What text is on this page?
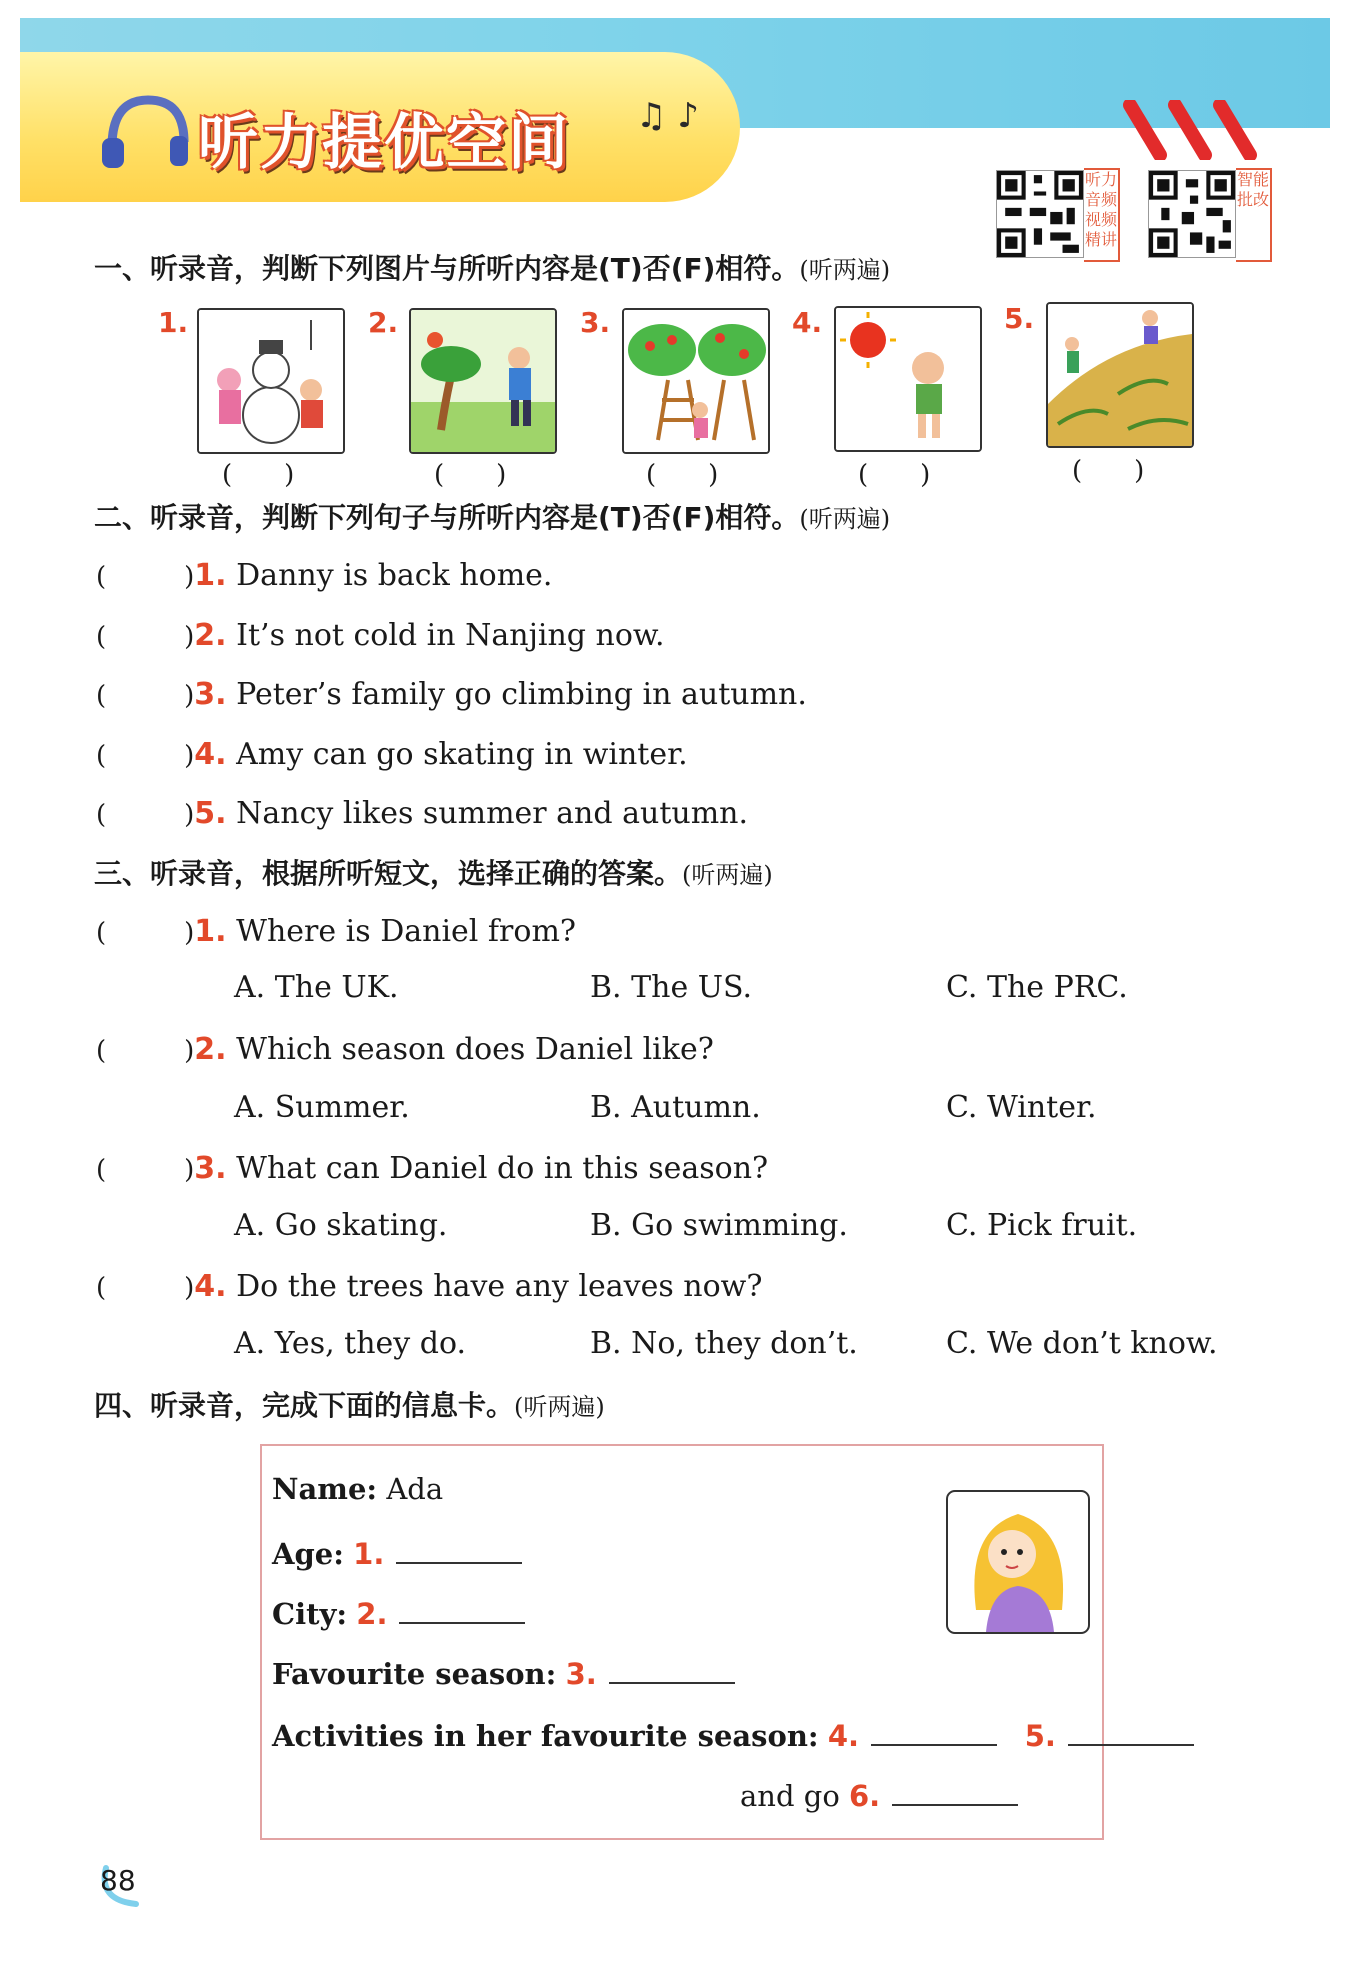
听力提优空间 ♫ ♪
听力音频 视频精讲
智能批改
一、听录音，判断下列图片与所听内容是(T)否(F)相符。(听两遍)
1.
(　　)
2.
(　　)
3.
(　　)
4.
(　　)
5.
(　　)
二、听录音，判断下列句子与所听内容是(T)否(F)相符。(听两遍)
(　　　)1. Danny is back home.
(　　　)2. It’s not cold in Nanjing now.
(　　　)3. Peter’s family go climbing in autumn.
(　　　)4. Amy can go skating in winter.
(　　　)5. Nancy likes summer and autumn.
三、听录音，根据所听短文，选择正确的答案。(听两遍)
(　　　)1. Where is Daniel from?
A. The UK.	B. The US.	C. The PRC.
(　　　)2. Which season does Daniel like?
A. Summer.	B. Autumn.	C. Winter.
(　　　)3. What can Daniel do in this season?
A. Go skating.	B. Go swimming.	C. Pick fruit.
(　　　)4. Do the trees have any leaves now?
A. Yes, they do.	B. No, they don’t.	C. We don’t know.
四、听录音，完成下面的信息卡。(听两遍)
Name: Ada
Age: 1.
City: 2.
Favourite season: 3.
Activities in her favourite season: 4.	5.
and go 6.
88
